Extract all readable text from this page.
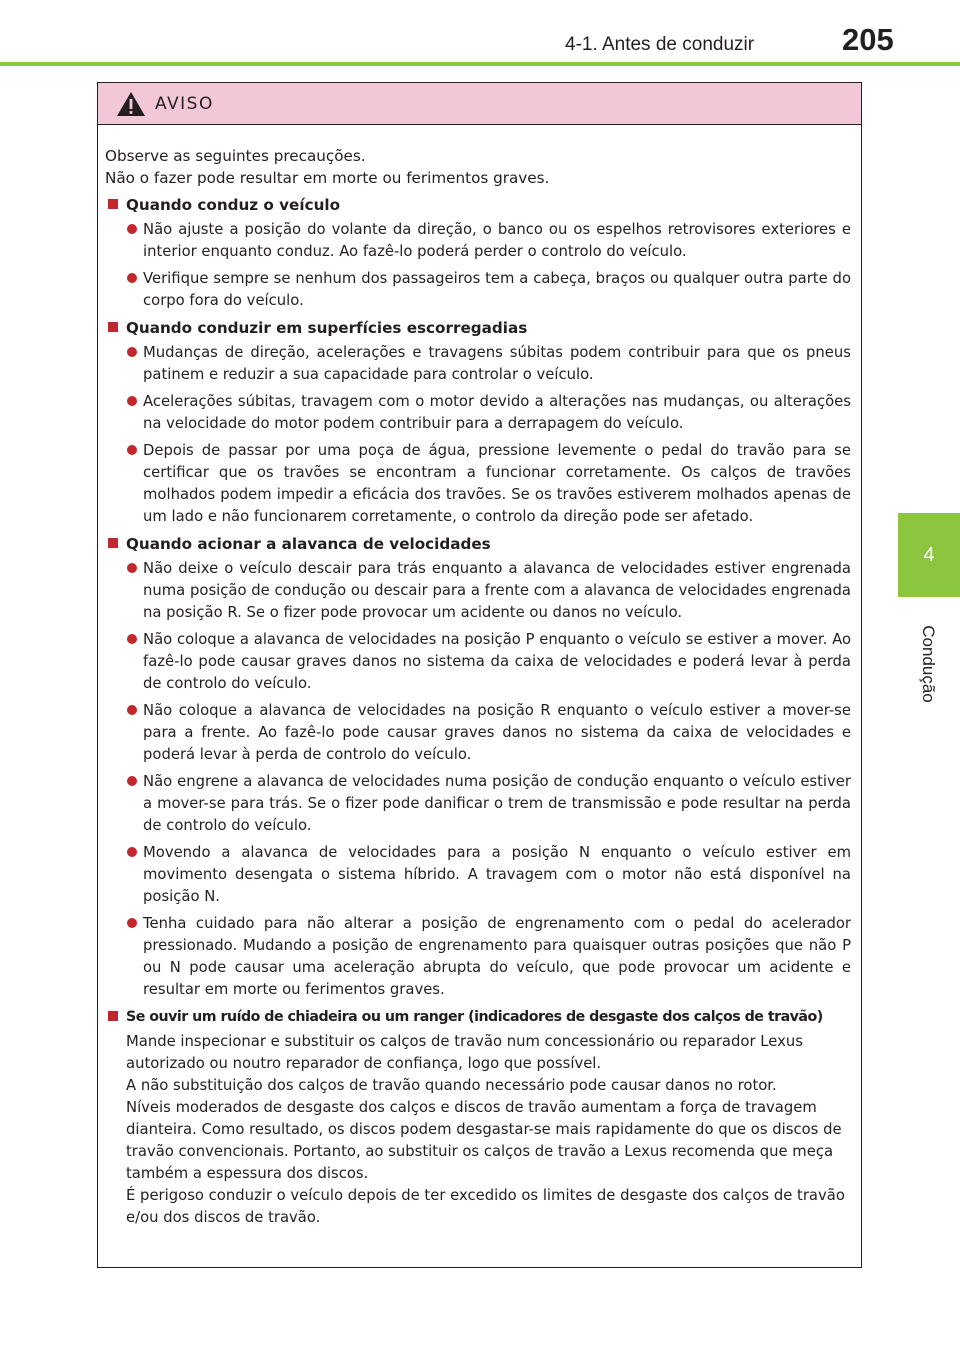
4-1. Antes de conduzir	205
4
Condução
AVISO

Observe as seguintes precauções.

Não o fazer pode resultar em morte ou ferimentos graves.

Quando conduz o veículo
Não ajuste a posição do volante da direção, o banco ou os espelhos retrovisores exteriores e interior enquanto conduz. Ao fazê-lo poderá perder o controlo do veículo.
Verifique sempre se nenhum dos passageiros tem a cabeça, braços ou qualquer outra parte do corpo fora do veículo.
Quando conduzir em superfícies escorregadias
Mudanças de direção, acelerações e travagens súbitas podem contribuir para que os pneus patinem e reduzir a sua capacidade para controlar o veículo.
Acelerações súbitas, travagem com o motor devido a alterações nas mudanças, ou alterações na velocidade do motor podem contribuir para a derrapagem do veículo.
Depois de passar por uma poça de água, pressione levemente o pedal do travão para se certificar que os travões se encontram a funcionar corretamente. Os calços de travões molhados podem impedir a eficácia dos travões. Se os travões estiverem molhados apenas de um lado e não funcionarem corretamente, o controlo da direção pode ser afetado.
Quando acionar a alavanca de velocidades
Não deixe o veículo descair para trás enquanto a alavanca de velocidades estiver engrenada numa posição de condução ou descair para a frente com a alavanca de velocidades engrenada na posição R. Se o fizer pode provocar um acidente ou danos no veículo.
Não coloque a alavanca de velocidades na posição P enquanto o veículo se estiver a mover. Ao fazê-lo pode causar graves danos no sistema da caixa de velocidades e poderá levar à perda de controlo do veículo.
Não coloque a alavanca de velocidades na posição R enquanto o veículo estiver a mover-se para a frente. Ao fazê-lo pode causar graves danos no sistema da caixa de velocidades e poderá levar à perda de controlo do veículo.
Não engrene a alavanca de velocidades numa posição de condução enquanto o veículo estiver a mover-se para trás. Se o fizer pode danificar o trem de transmissão e pode resultar na perda de controlo do veículo.
Movendo a alavanca de velocidades para a posição N enquanto o veículo estiver em movimento desengata o sistema híbrido. A travagem com o motor não está disponível na posição N.
Tenha cuidado para não alterar a posição de engrenamento com o pedal do acelerador pressionado. Mudando a posição de engrenamento para quaisquer outras posições que não P ou N pode causar uma aceleração abrupta do veículo, que pode provocar um acidente e resultar em morte ou ferimentos graves.
Se ouvir um ruído de chiadeira ou um ranger (indicadores de desgaste dos calços de travão)

Mande inspecionar e substituir os calços de travão num concessionário ou reparador Lexus autorizado ou noutro reparador de confiança, logo que possível.

A não substituição dos calços de travão quando necessário pode causar danos no rotor.

Níveis moderados de desgaste dos calços e discos de travão aumentam a força de travagem dianteira. Como resultado, os discos podem desgastar-se mais rapidamente do que os discos de travão convencionais. Portanto, ao substituir os calços de travão a Lexus recomenda que meça também a espessura dos discos.

É perigoso conduzir o veículo depois de ter excedido os limites de desgaste dos calços de travão e/ou dos discos de travão.
